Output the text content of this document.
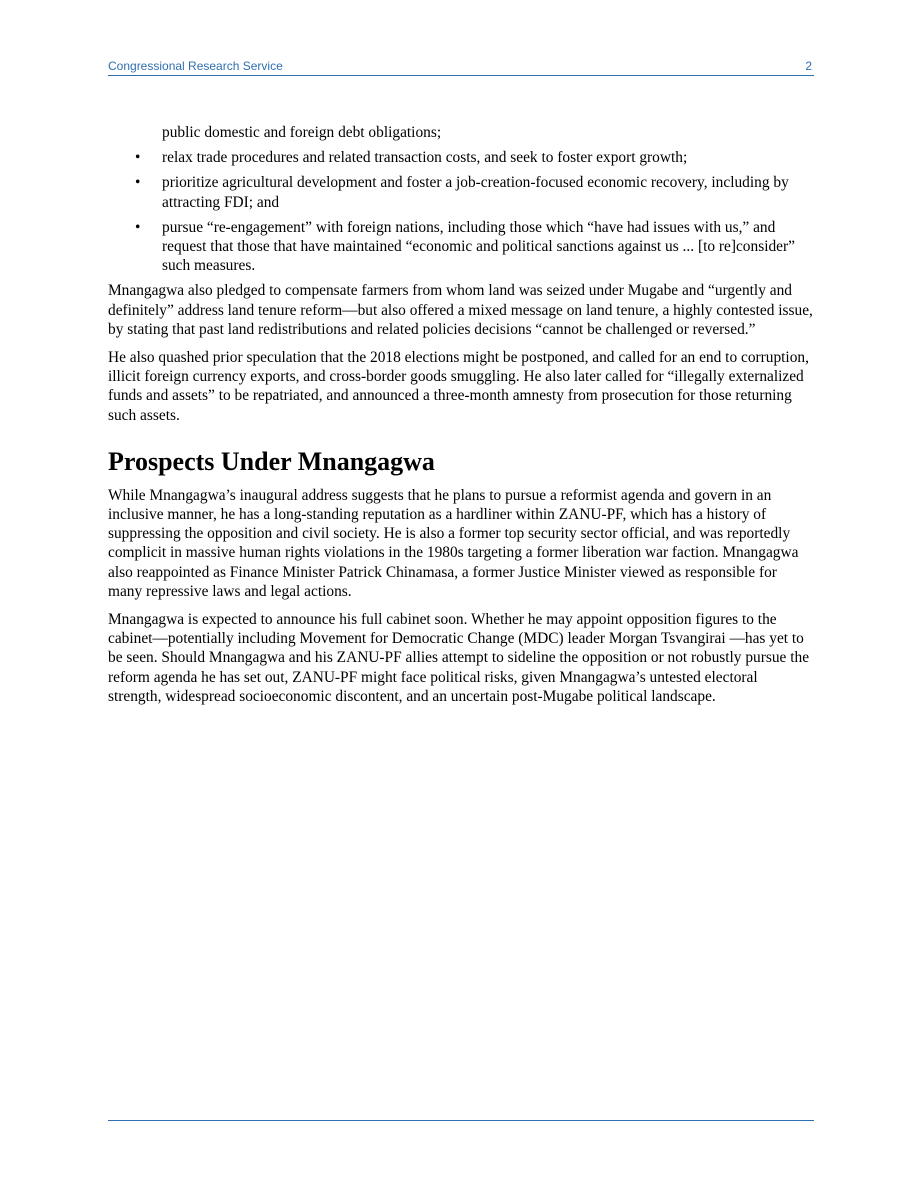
Congressional Research Service	2
public domestic and foreign debt obligations;
• relax trade procedures and related transaction costs, and seek to foster export growth;
• prioritize agricultural development and foster a job-creation-focused economic recovery, including by attracting FDI; and
• pursue “re-engagement” with foreign nations, including those which “have had issues with us,” and request that those that have maintained “economic and political sanctions against us ... [to re]consider” such measures.

Mnangagwa also pledged to compensate farmers from whom land was seized under Mugabe and “urgently and definitely” address land tenure reform—but also offered a mixed message on land tenure, a highly contested issue, by stating that past land redistributions and related policies decisions “cannot be challenged or reversed.”

He also quashed prior speculation that the 2018 elections might be postponed, and called for an end to corruption, illicit foreign currency exports, and cross-border goods smuggling. He also later called for “illegally externalized funds and assets” to be repatriated, and announced a three-month amnesty from prosecution for those returning such assets.

Prospects Under Mnangagwa

While Mnangagwa’s inaugural address suggests that he plans to pursue a reformist agenda and govern in an inclusive manner, he has a long-standing reputation as a hardliner within ZANU-PF, which has a history of suppressing the opposition and civil society. He is also a former top security sector official, and was reportedly complicit in massive human rights violations in the 1980s targeting a former liberation war faction. Mnangagwa also reappointed as Finance Minister Patrick Chinamasa, a former Justice Minister viewed as responsible for many repressive laws and legal actions.

Mnangagwa is expected to announce his full cabinet soon. Whether he may appoint opposition figures to the cabinet—potentially including Movement for Democratic Change (MDC) leader Morgan Tsvangirai —has yet to be seen. Should Mnangagwa and his ZANU-PF allies attempt to sideline the opposition or not robustly pursue the reform agenda he has set out, ZANU-PF might face political risks, given Mnangagwa’s untested electoral strength, widespread socioeconomic discontent, and an uncertain post-Mugabe political landscape.
